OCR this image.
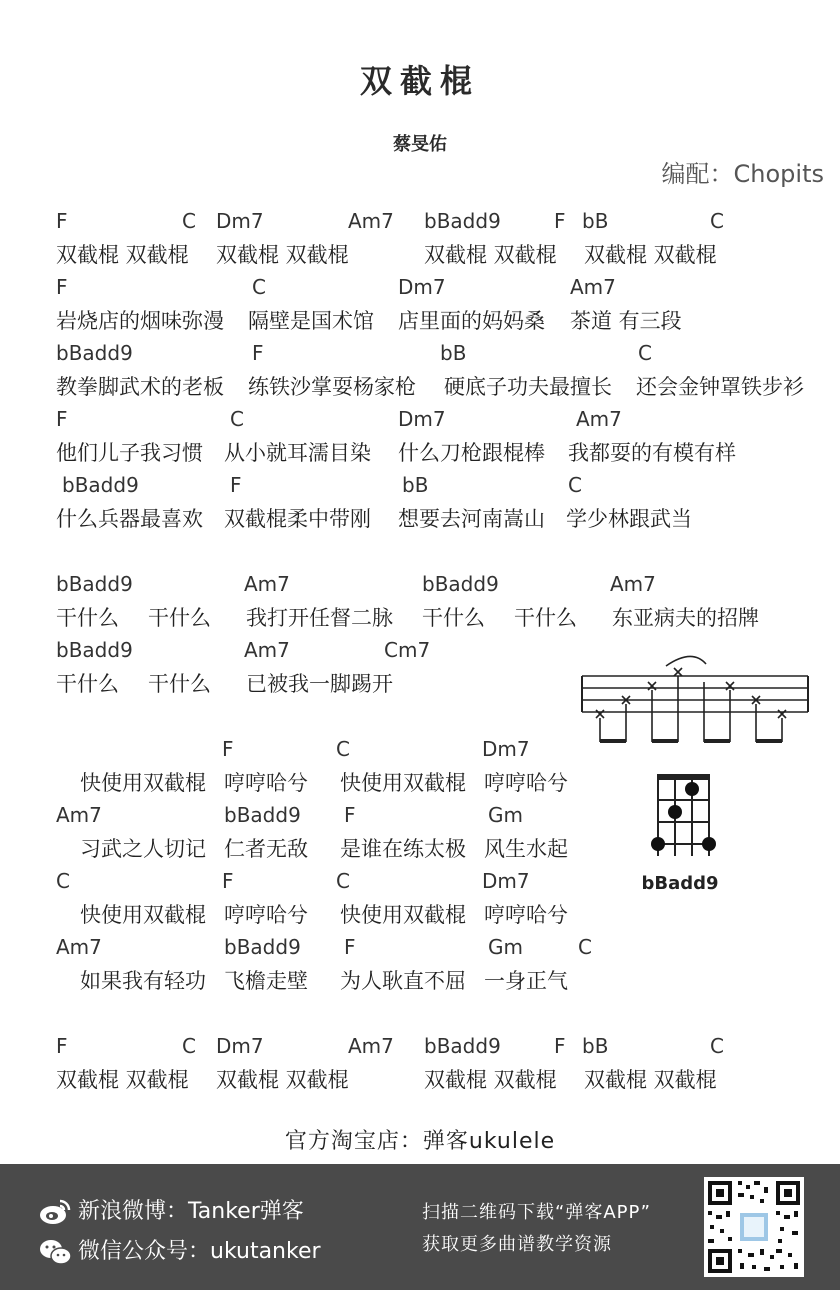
双截棍
蔡旻佑
编配：Chopits
F	C Dm7	Am7 bBadd9	F bB	C
双截棍 双截棍 双截棍 双截棍	双截棍 双截棍 双截棍 双截棍
F	C	Dm7	Am7
岩烧店的烟味弥漫 隔壁是国术馆 店里面的妈妈桑 茶道 有三段
bBadd9	F	bB	C
教拳脚武术的老板 练铁沙掌耍杨家枪 硬底子功夫最擅长 还会金钟罩铁步衫
F	C	Dm7	Am7
他们儿子我习惯 从小就耳濡目染 什么刀枪跟棍棒 我都耍的有模有样
bBadd9	F	bB	C
什么兵器最喜欢 双截棍柔中带刚 想要去河南嵩山 学少林跟武当
bBadd9	Am7	bBadd9	Am7
干什么 干什么 我打开任督二脉 干什么 干什么 东亚病夫的招牌
bBadd9	Am7	Cm7
干什么 干什么 已被我一脚踢开
F	C	Dm7
快使用双截棍 哼哼哈兮 快使用双截棍 哼哼哈兮
Am7	bBadd9 F	Gm
习武之人切记 仁者无敌 是谁在练太极 风生水起
C	F	C	Dm7
快使用双截棍 哼哼哈兮 快使用双截棍 哼哼哈兮
Am7	bBadd9 F	Gm	C
如果我有轻功 飞檐走壁 为人耿直不屈 一身正气
F	C Dm7	Am7 bBadd9	F bB	C
双截棍 双截棍 双截棍 双截棍	双截棍 双截棍 双截棍 双截棍
bBadd9
官方淘宝店：弹客ukulele
新浪微博：Tanker弹客
微信公众号：ukutanker
扫描二维码下载“弹客APP”
获取更多曲谱教学资源
